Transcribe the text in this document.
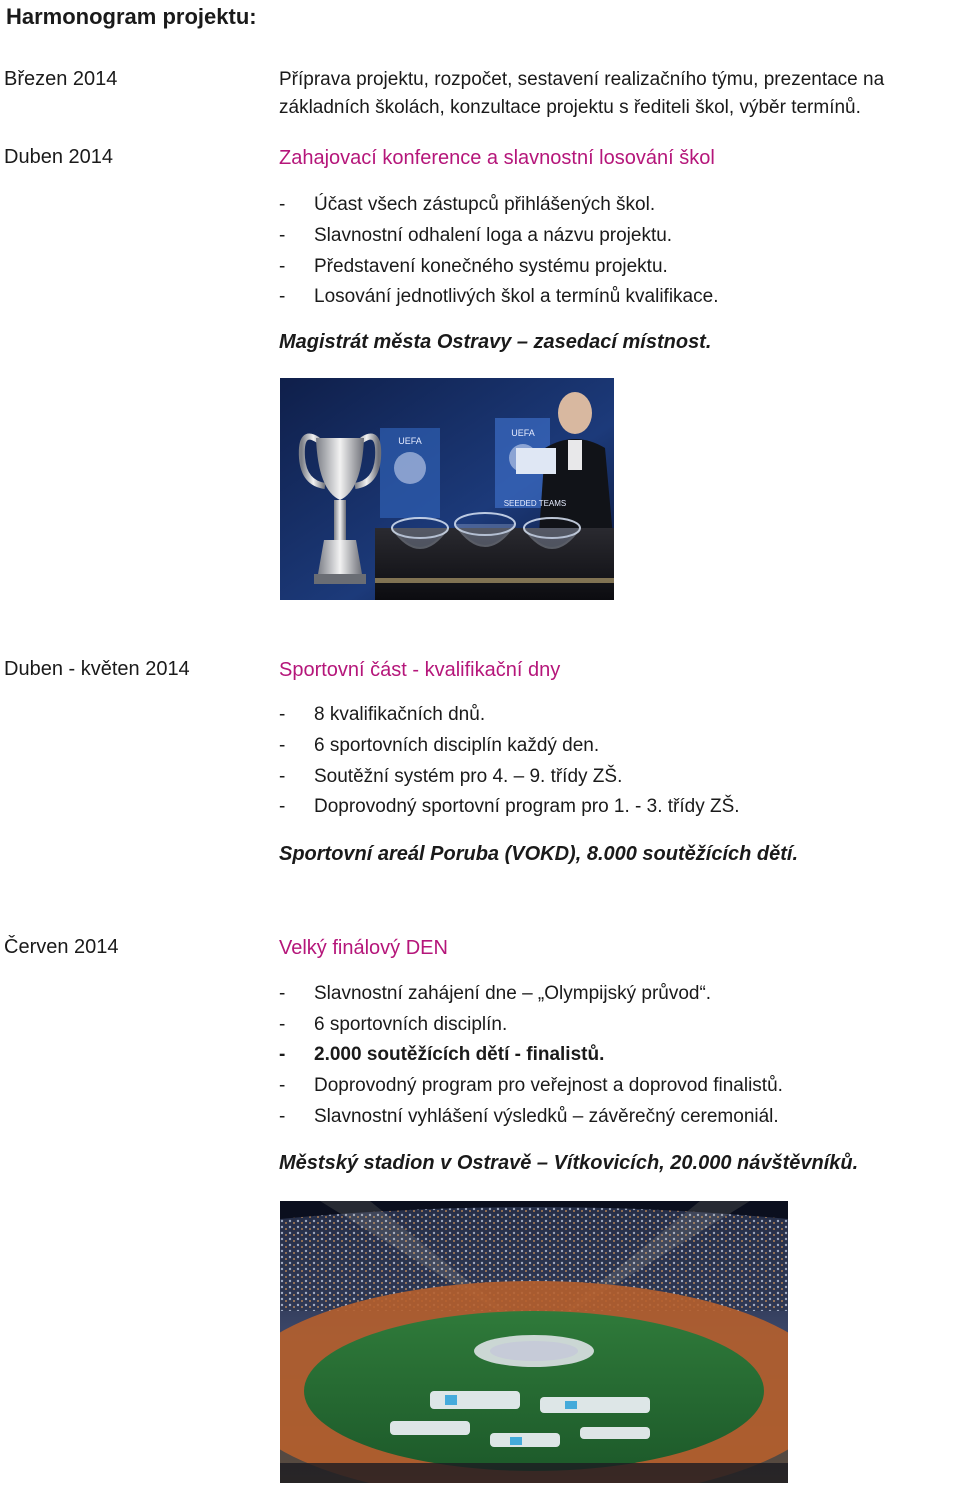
Harmonogram projektu:
Březen 2014	Příprava projektu, rozpočet, sestavení realizačního týmu, prezentace na
základních školách, konzultace projektu s řediteli škol, výběr termínů.
Duben 2014	Zahajovací konference a slavnostní losování škol
- Účast všech zástupců přihlášených škol.
- Slavnostní odhalení loga a názvu projektu.
- Představení konečného systému projektu.
- Losování jednotlivých škol a termínů kvalifikace.
Magistrát města Ostravy – zasedací místnost.
UEFA
UEFA
SEEDED TEAMS
Duben - květen 2014	Sportovní část - kvalifikační dny
- 8 kvalifikačních dnů.
- 6 sportovních disciplín každý den.
- Soutěžní systém pro 4. – 9. třídy ZŠ.
- Doprovodný sportovní program pro 1. - 3. třídy ZŠ.
Sportovní areál Poruba (VOKD), 8.000 soutěžících dětí.
Červen 2014	Velký finálový DEN
- Slavnostní zahájení dne – „Olympijský průvod“.
- 6 sportovních disciplín.
- 2.000 soutěžících dětí - finalistů.
- Doprovodný program pro veřejnost a doprovod finalistů.
- Slavnostní vyhlášení výsledků – závěrečný ceremoniál.
Městský stadion v Ostravě – Vítkovicích, 20.000 návštěvníků.
